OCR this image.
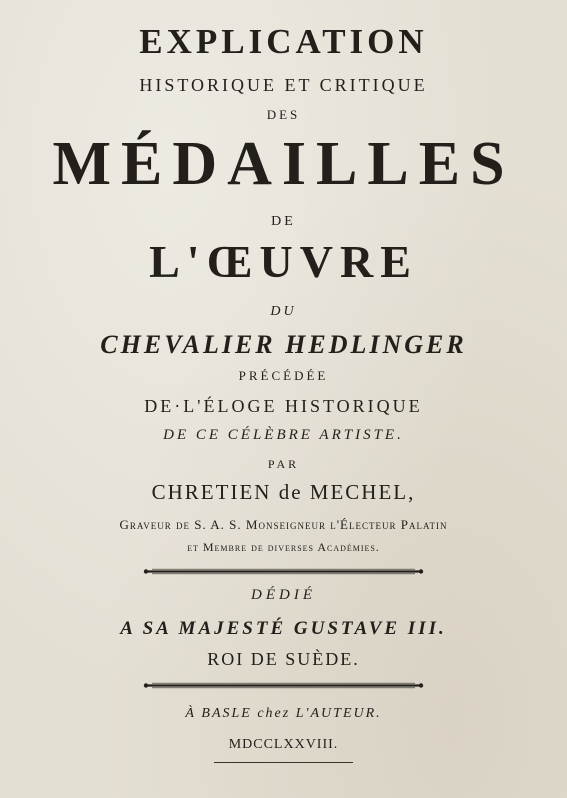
EXPLICATION
HISTORIQUE ET CRITIQUE
DES
MÉDAILLES
DE
L'ŒUVRE
DU
CHEVALIER HEDLINGER
PRÉCÉDÉE
DE·L'ÉLOGE HISTORIQUE
DE CE CÉLÈBRE ARTISTE.
PAR
CHRETIEN de MECHEL,
Graveur de S. A. S. Monseigneur l'Électeur Palatin
et Membre de diverses Académies.
DÉDIÉ
A SA MAJESTÉ GUSTAVE III.
ROI DE SUÈDE.
À BASLE chez L'AUTEUR.
MDCCLXXVIII.
